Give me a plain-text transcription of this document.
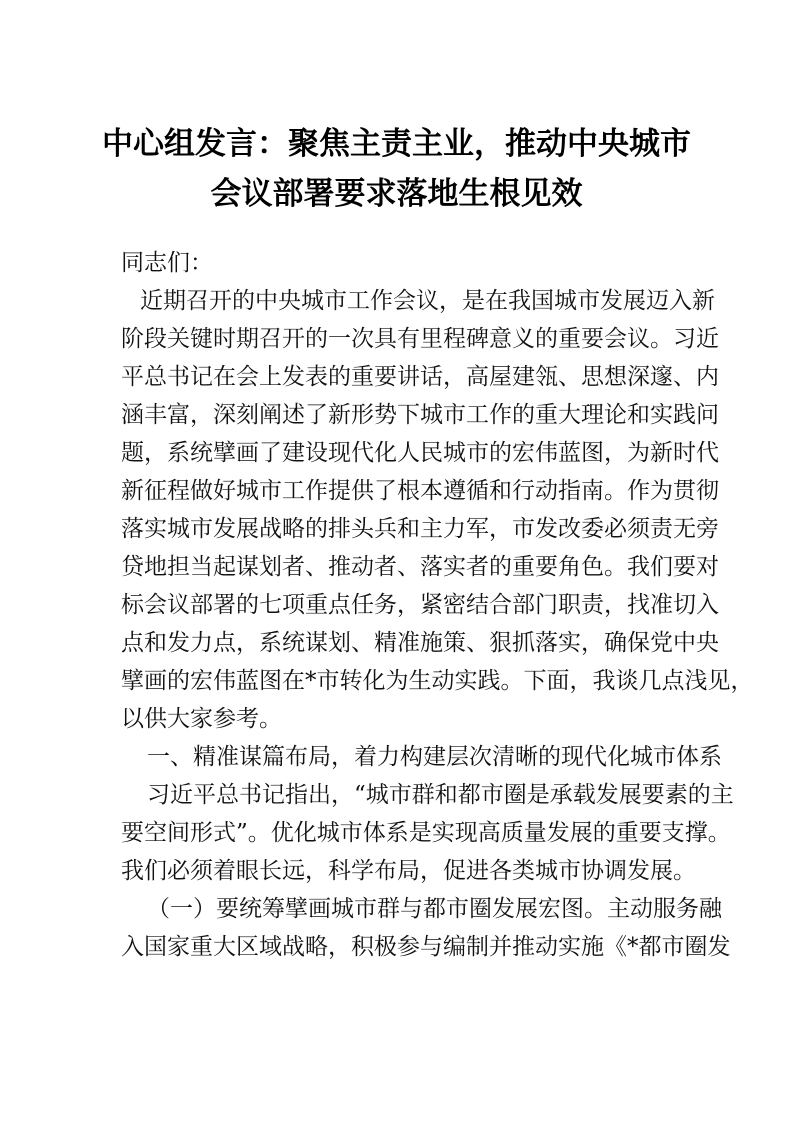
中心组发言：聚焦主责主业，推动中央城市
会议部署要求落地生根见效
同志们：
近期召开的中央城市工作会议，是在我国城市发展迈入新
阶段关键时期召开的一次具有里程碑意义的重要会议。习近
平总书记在会上发表的重要讲话，高屋建瓴、思想深邃、内
涵丰富，深刻阐述了新形势下城市工作的重大理论和实践问
题，系统擘画了建设现代化人民城市的宏伟蓝图，为新时代
新征程做好城市工作提供了根本遵循和行动指南。作为贯彻
落实城市发展战略的排头兵和主力军，市发改委必须责无旁
贷地担当起谋划者、推动者、落实者的重要角色。我们要对
标会议部署的七项重点任务，紧密结合部门职责，找准切入
点和发力点，系统谋划、精准施策、狠抓落实，确保党中央
擘画的宏伟蓝图在*市转化为生动实践。下面，我谈几点浅见，
以供大家参考。
一、精准谋篇布局，着力构建层次清晰的现代化城市体系
习近平总书记指出，“城市群和都市圈是承载发展要素的主
要空间形式”。优化城市体系是实现高质量发展的重要支撑。
我们必须着眼长远，科学布局，促进各类城市协调发展。
（一）要统筹擘画城市群与都市圈发展宏图。主动服务融
入国家重大区域战略，积极参与编制并推动实施《*都市圈发
